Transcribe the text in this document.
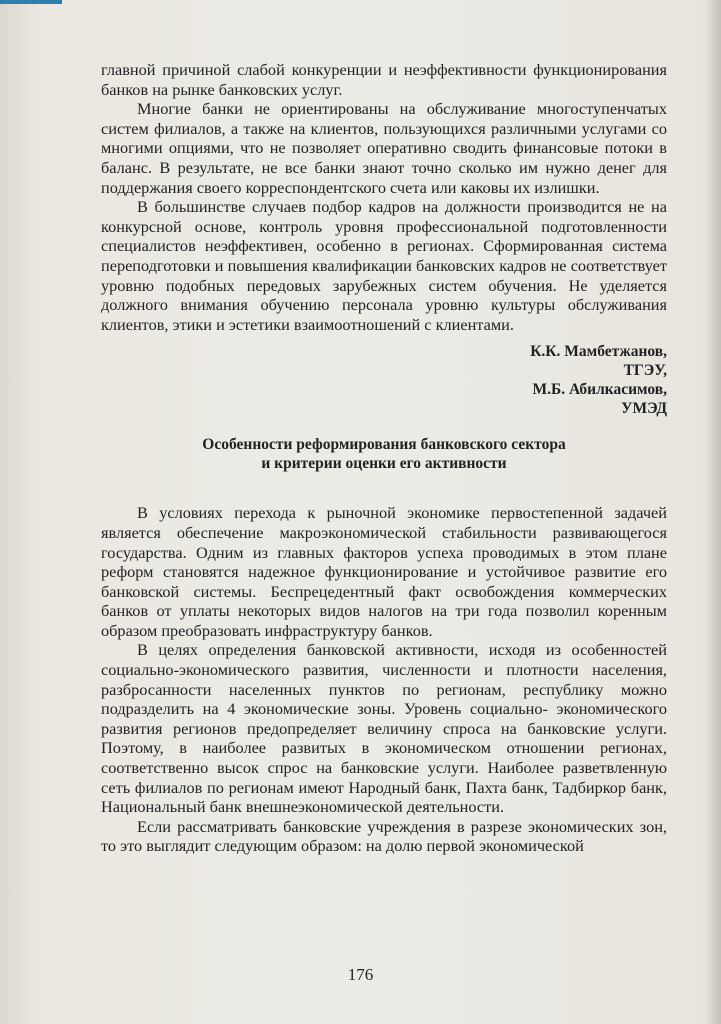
главной причиной слабой конкуренции и неэффективности функционирования банков на рынке банковских услуг.

Многие банки не ориентированы на обслуживание многоступенчатых систем филиалов, а также на клиентов, пользующихся различными услугами со многими опциями, что не позволяет оперативно сводить финансовые потоки в баланс. В результате, не все банки знают точно сколько им нужно денег для поддержания своего корреспондентского счета или каковы их излишки.

В большинстве случаев подбор кадров на должности производится не на конкурсной основе, контроль уровня профессиональной подготовленности специалистов неэффективен, особенно в регионах. Сформированная система переподготовки и повышения квалификации банковских кадров не соответствует уровню подобных передовых зарубежных систем обучения. Не уделяется должного внимания обучению персонала уровню культуры обслуживания клиентов, этики и эстетики взаимоотношений с клиентами.

К.К. Мамбетжанов,
ТГЭУ,
М.Б. Абилкасимов,
УМЭД
Особенности реформирования банковского сектора
и критерии оценки его активности

В условиях перехода к рыночной экономике первостепенной задачей является обеспечение макроэкономической стабильности развивающегося государства. Одним из главных факторов успеха проводимых в этом плане реформ становятся надежное функционирование и устойчивое развитие его банковской системы. Беспрецедентный факт освобождения коммерческих банков от уплаты некоторых видов налогов на три года позволил коренным образом преобразовать инфраструктуру банков.

В целях определения банковской активности, исходя из особенностей социально-экономического развития, численности и плотности населения, разбросанности населенных пунктов по регионам, республику можно подразделить на 4 экономические зоны. Уровень социально- экономического развития регионов предопределяет величину спроса на банковские услуги. Поэтому, в наиболее развитых в экономическом отношении регионах, соответственно высок спрос на банковские услуги. Наиболее разветвленную сеть филиалов по регионам имеют Народный банк, Пахта банк, Тадбиркор банк, Национальный банк внешнеэкономической деятельности.

Если рассматривать банковские учреждения в разрезе экономических зон, то это выглядит следующим образом: на долю первой экономической

176
